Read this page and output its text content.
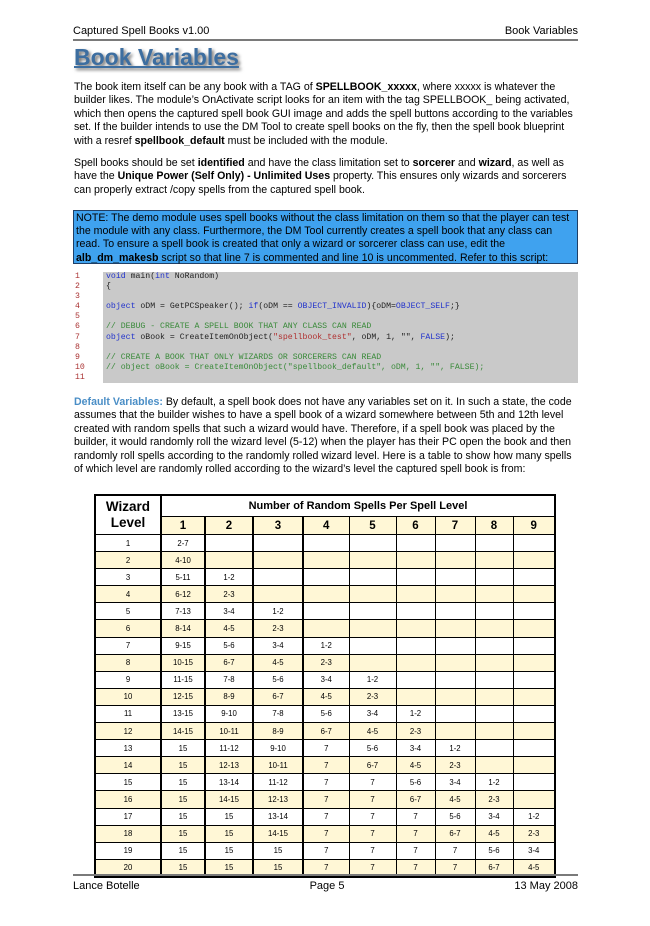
Captured Spell Books v1.00	Book Variables
Book Variables
The book item itself can be any book with a TAG of SPELLBOOK_xxxxx, where xxxxx is whatever the builder likes. The module’s OnActivate script looks for an item with the tag SPELLBOOK_ being activated, which then opens the captured spell book GUI image and adds the spell buttons according to the variables set. If the builder intends to use the DM Tool to create spell books on the fly, then the spell book blueprint with a resref spellbook_default must be included with the module.
Spell books should be set identified and have the class limitation set to sorcerer and wizard, as well as have the Unique Power (Self Only) - Unlimited Uses property. This ensures only wizards and sorcerers can properly extract /copy spells from the captured spell book.
NOTE: The demo module uses spell books without the class limitation on them so that the player can test the module with any class. Furthermore, the DM Tool currently creates a spell book that any class can read. To ensure a spell book is created that only a wizard or sorcerer class can use, edit the alb_dm_makesb script so that line 7 is commented and line 10 is uncommented. Refer to this script:
1	void main(int NoRandom)
2	{
3
4	object oDM = GetPCSpeaker(); if(oDM == OBJECT_INVALID){oDM=OBJECT_SELF;}
5
6	// DEBUG - CREATE A SPELL BOOK THAT ANY CLASS CAN READ
7	object oBook = CreateItemOnObject("spellbook_test", oDM, 1, "", FALSE);
8
9	// CREATE A BOOK THAT ONLY WIZARDS OR SORCERERS CAN READ
10	// object oBook = CreateItemOnObject("spellbook_default", oDM, 1, "", FALSE);
11
Default Variables: By default, a spell book does not have any variables set on it. In such a state, the code assumes that the builder wishes to have a spell book of a wizard somewhere between 5th and 12th level created with random spells that such a wizard would have. Therefore, if a spell book was placed by the builder, it would randomly roll the wizard level (5-12) when the player has their PC open the book and then randomly roll spells according to the randomly rolled wizard level. Here is a table to show how many spells of which level are randomly rolled according to the wizard’s level the captured spell book is from:
Wizard Level	Number of Random Spells Per Spell Level								
	1	2	3	4	5	6	7	8	9
1	2-7								
2	4-10								
3	5-11	1-2							
4	6-12	2-3							
5	7-13	3-4	1-2						
6	8-14	4-5	2-3						
7	9-15	5-6	3-4	1-2					
8	10-15	6-7	4-5	2-3					
9	11-15	7-8	5-6	3-4	1-2				
10	12-15	8-9	6-7	4-5	2-3				
11	13-15	9-10	7-8	5-6	3-4	1-2			
12	14-15	10-11	8-9	6-7	4-5	2-3			
13	15	11-12	9-10	7	5-6	3-4	1-2		
14	15	12-13	10-11	7	6-7	4-5	2-3		
15	15	13-14	11-12	7	7	5-6	3-4	1-2	
16	15	14-15	12-13	7	7	6-7	4-5	2-3	
17	15	15	13-14	7	7	7	5-6	3-4	1-2
18	15	15	14-15	7	7	7	6-7	4-5	2-3
19	15	15	15	7	7	7	7	5-6	3-4
20	15	15	15	7	7	7	7	6-7	4-5
Lance Botelle	Page 5	13 May 2008
